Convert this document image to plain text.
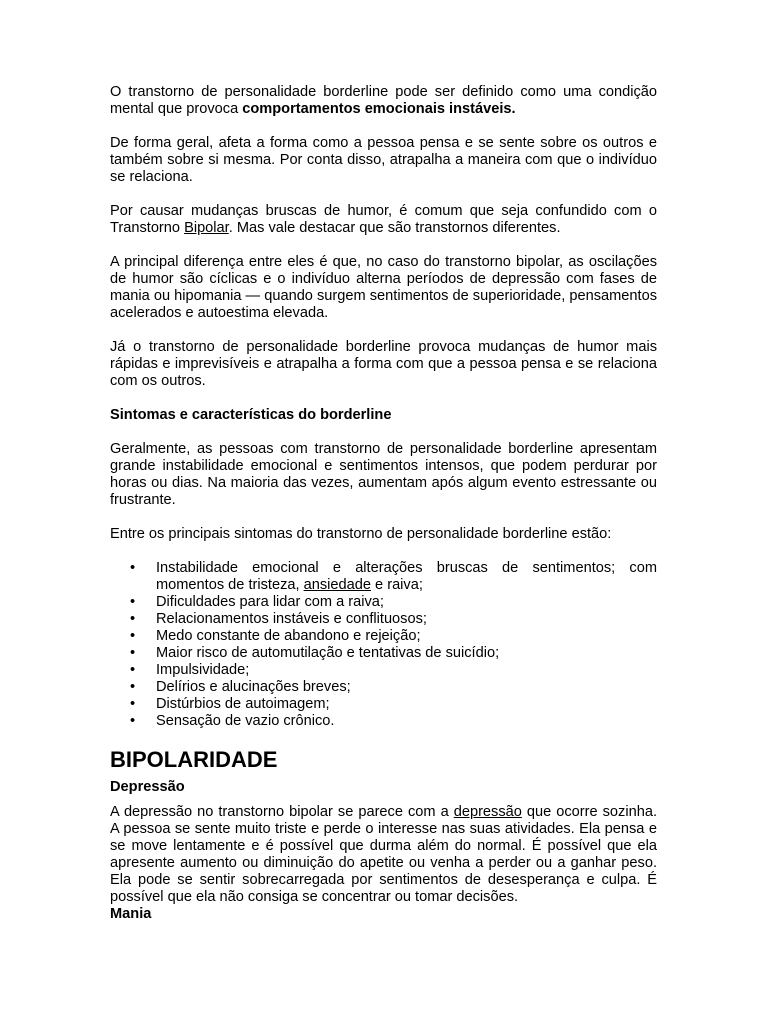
O transtorno de personalidade borderline pode ser definido como uma condição mental que provoca comportamentos emocionais instáveis.

De forma geral, afeta a forma como a pessoa pensa e se sente sobre os outros e também sobre si mesma. Por conta disso, atrapalha a maneira com que o indivíduo se relaciona.

Por causar mudanças bruscas de humor, é comum que seja confundido com o Transtorno Bipolar. Mas vale destacar que são transtornos diferentes.

A principal diferença entre eles é que, no caso do transtorno bipolar, as oscilações de humor são cíclicas e o indivíduo alterna períodos de depressão com fases de mania ou hipomania — quando surgem sentimentos de superioridade, pensamentos acelerados e autoestima elevada.

Já o transtorno de personalidade borderline provoca mudanças de humor mais rápidas e imprevisíveis e atrapalha a forma com que a pessoa pensa e se relaciona com os outros.

Sintomas e características do borderline

Geralmente, as pessoas com transtorno de personalidade borderline apresentam grande instabilidade emocional e sentimentos intensos, que podem perdurar por horas ou dias. Na maioria das vezes, aumentam após algum evento estressante ou frustrante.

Entre os principais sintomas do transtorno de personalidade borderline estão:

• Instabilidade emocional e alterações bruscas de sentimentos; com momentos de tristeza, ansiedade e raiva;
• Dificuldades para lidar com a raiva;
• Relacionamentos instáveis e conflituosos;
• Medo constante de abandono e rejeição;
• Maior risco de automutilação e tentativas de suicídio;
• Impulsividade;
• Delírios e alucinações breves;
• Distúrbios de autoimagem;
• Sensação de vazio crônico.
BIPOLARIDADE
Depressão

A depressão no transtorno bipolar se parece com a depressão que ocorre sozinha. A pessoa se sente muito triste e perde o interesse nas suas atividades. Ela pensa e se move lentamente e é possível que durma além do normal. É possível que ela apresente aumento ou diminuição do apetite ou venha a perder ou a ganhar peso. Ela pode se sentir sobrecarregada por sentimentos de desesperança e culpa. É possível que ela não consiga se concentrar ou tomar decisões.

Mania
